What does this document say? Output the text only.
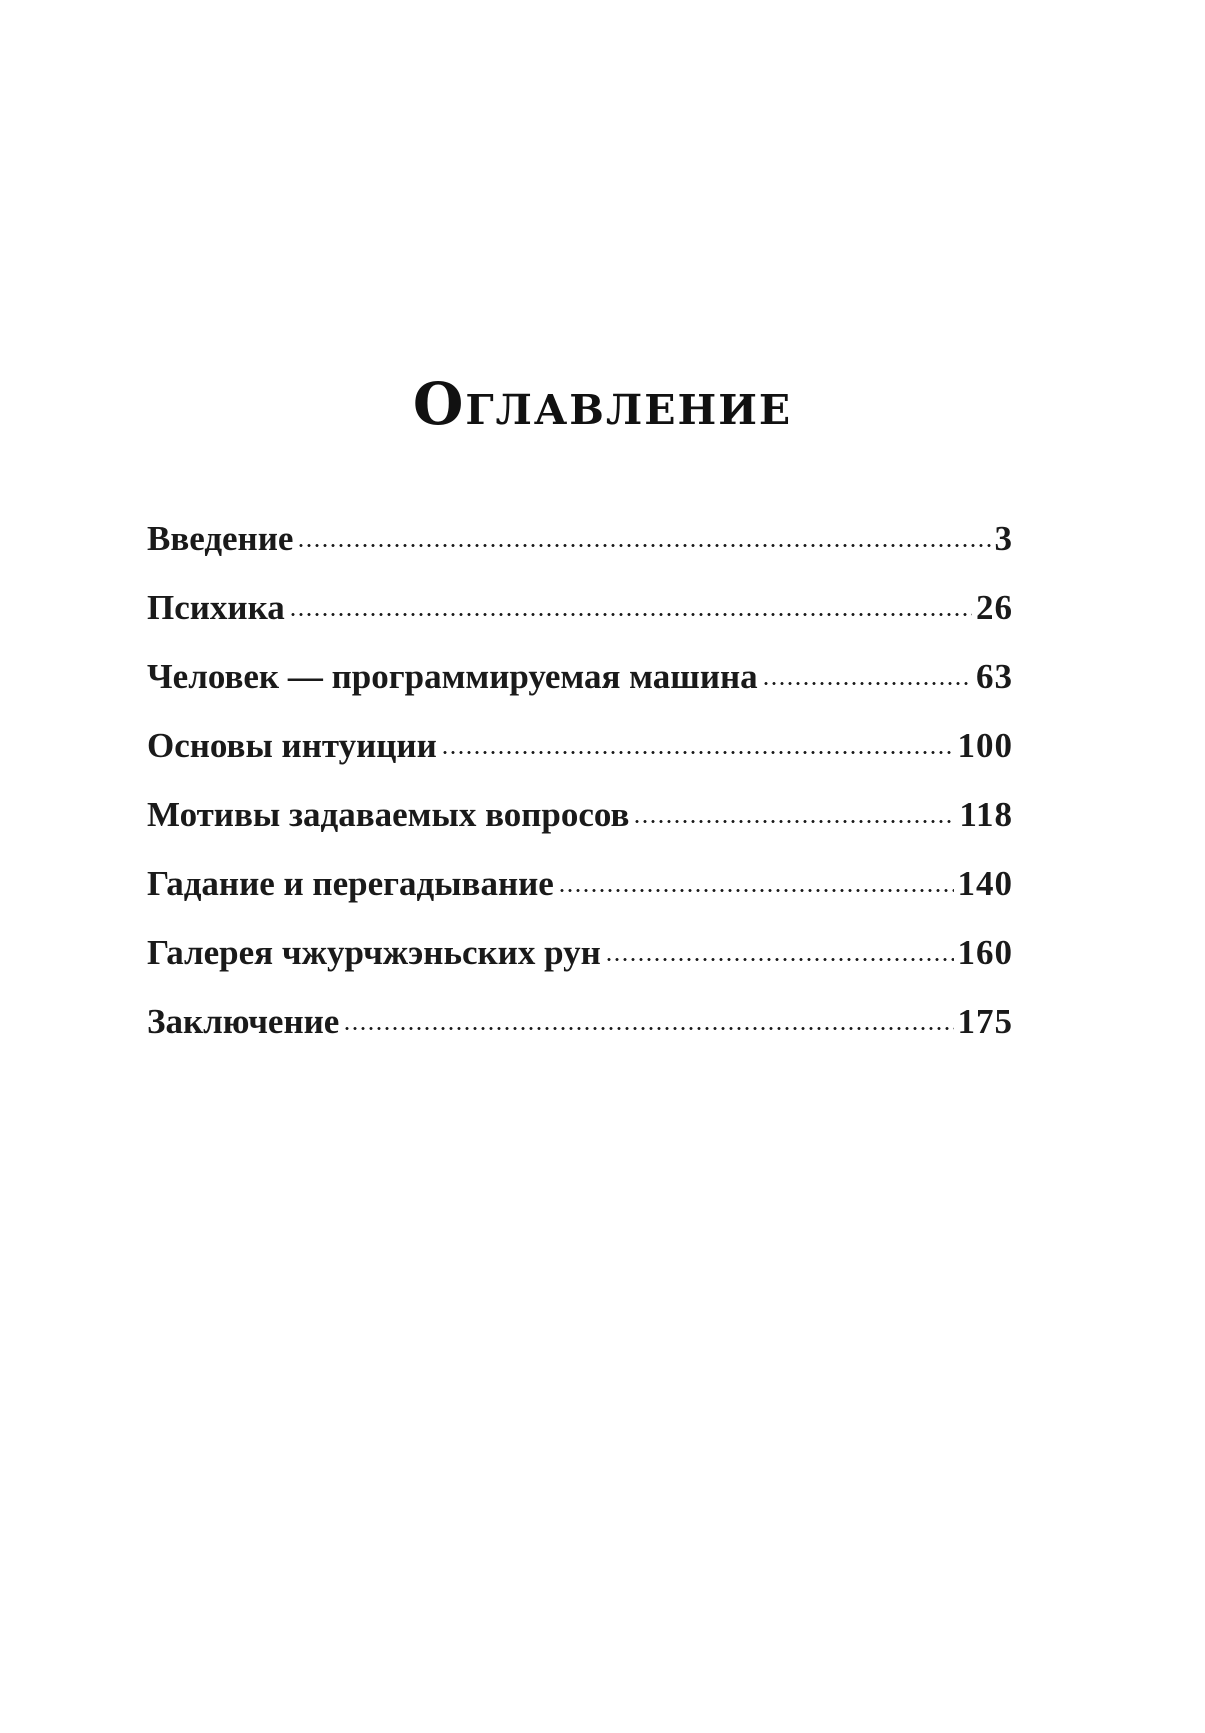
Оглавление
Введение	3
Психика	26
Человек — программируемая машина	63
Основы интуиции	100
Мотивы задаваемых вопросов	118
Гадание и перегадывание	140
Галерея чжурчжэньских рун	160
Заключение	175
